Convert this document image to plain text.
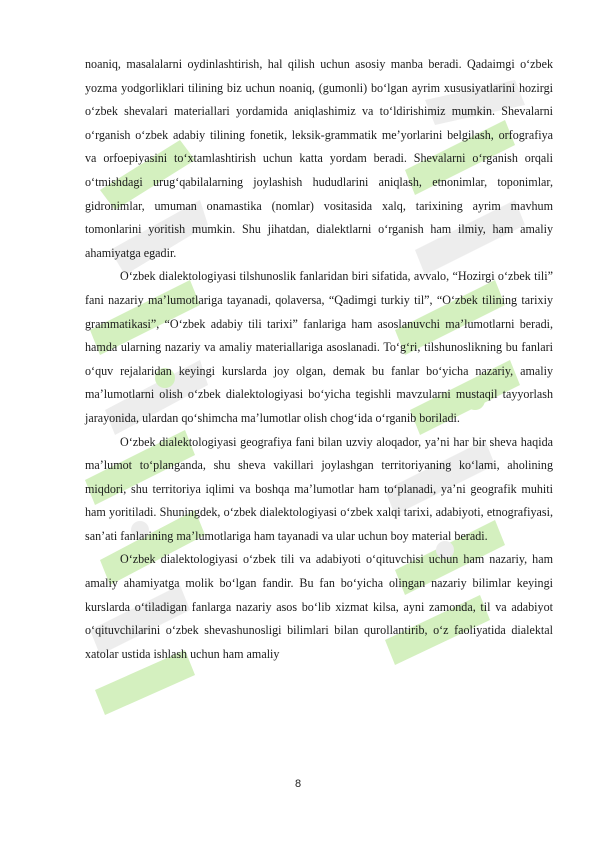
noaniq, masalalarni oydinlashtirish, hal qilish uchun asosiy manba beradi. Qadaimgi o‘zbek yozma yodgorliklari tilining biz uchun noaniq, (gumonli) bo‘lgan ayrim xususiyatlarini hozirgi o‘zbek shevalari materiallari yordamida aniqlashimiz va to‘ldirishimiz mumkin. Shevalarni o‘rganish o‘zbek adabiy tilining fonetik, leksik-grammatik me’yorlarini belgilash, orfografiya va orfoepiyasini to‘xtamlashtirish uchun katta yordam beradi. Shevalarni o‘rganish orqali o‘tmishdagi urug‘qabilalarning joylashish hududlarini aniqlash, etnonimlar, toponimlar, gidronimlar, umuman onamastika (nomlar) vositasida xalq, tarixining ayrim mavhum tomonlarini yoritish mumkin. Shu jihatdan, dialektlarni o‘rganish ham ilmiy, ham amaliy ahamiyatga egadir.

O‘zbek dialektologiyasi tilshunoslik fanlaridan biri sifatida, avvalo, “Hozirgi o‘zbek tili” fani nazariy ma’lumotlariga tayanadi, qolaversa, “Qadimgi turkiy til”, “O‘zbek tilining tarixiy grammatikasi”, “O‘zbek adabiy tili tarixi” fanlariga ham asoslanuvchi ma’lumotlarni beradi, hamda ularning nazariy va amaliy materiallariga asoslanadi. To‘g‘ri, tilshunoslikning bu fanlari o‘quv rejalaridan keyingi kurslarda joy olgan, demak bu fanlar bo‘yicha nazariy, amaliy ma’lumotlarni olish o‘zbek dialektologiyasi bo‘yicha tegishli mavzularni mustaqil tayyorlash jarayonida, ulardan qo‘shimcha ma’lumotlar olish chog‘ida o‘rganib boriladi.

O‘zbek dialektologiyasi geografiya fani bilan uzviy aloqador, ya’ni har bir sheva haqida ma’lumot to‘planganda, shu sheva vakillari joylashgan territoriyaning ko‘lami, aholining miqdori, shu territoriya iqlimi va boshqa ma’lumotlar ham to‘planadi, ya’ni geografik muhiti ham yoritiladi. Shuningdek, o‘zbek dialektologiyasi o‘zbek xalqi tarixi, adabiyoti, etnografiyasi, san’ati fanlarining ma’lumotlariga ham tayanadi va ular uchun boy material beradi.

O‘zbek dialektologiyasi o‘zbek tili va adabiyoti o‘qituvchisi uchun ham nazariy, ham amaliy ahamiyatga molik bo‘lgan fandir. Bu fan bo‘yicha olingan nazariy bilimlar keyingi kurslarda o‘tiladigan fanlarga nazariy asos bo‘lib xizmat kilsa, ayni zamonda, til va adabiyot o‘qituvchilarini o‘zbek shevashunosligi bilimlari bilan qurollantirib, o‘z faoliyatida dialektal xatolar ustida ishlash uchun ham amaliy

8
